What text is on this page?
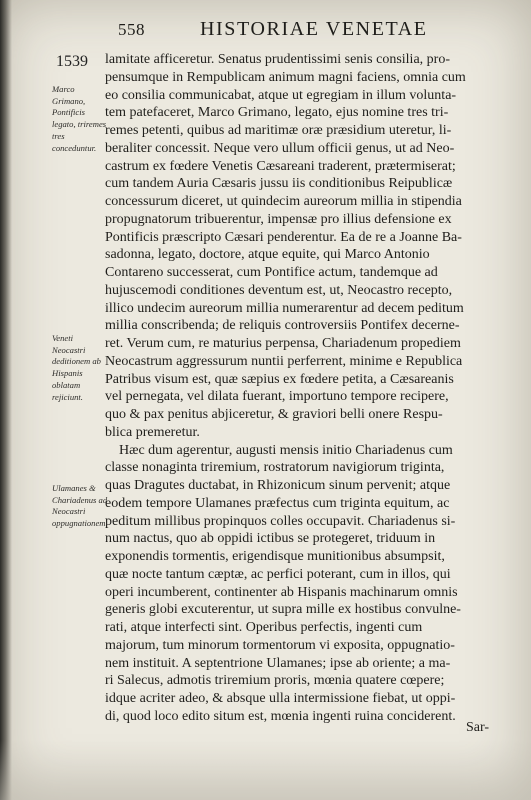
558	HISTORIAE VENETAE
1539
Marco Grimano, Pontificis legato, triremes tres conceduntur.
Veneti Neocastri deditionem ab Hispanis oblatam rejiciunt.
Ulamanes & Chariadenus ad Neocastri oppugnationem.
lamitate afficeretur. Senatus prudentissimi senis consilia, pro-
pensumque in Rempublicam animum magni faciens, omnia cum
eo consilia communicabat, atque ut egregiam in illum volunta-
tem patefaceret, Marco Grimano, legato, ejus nomine tres tri-
remes petenti, quibus ad maritimæ oræ præsidium uteretur, li-
beraliter concessit. Neque vero ullum officii genus, ut ad Neo-
castrum ex fœdere Venetis Cæsareani traderent, prætermiserat;
cum tandem Auria Cæsaris jussu iis conditionibus Reipublicæ
concessurum diceret, ut quindecim aureorum millia in stipendia
propugnatorum tribuerentur, impensæ pro illius defensione ex
Pontificis præscripto Cæsari penderentur. Ea de re a Joanne Ba-
sadonna, legato, doctore, atque equite, qui Marco Antonio
Contareno successerat, cum Pontifice actum, tandemque ad
hujuscemodi conditiones deventum est, ut, Neocastro recepto,
illico undecim aureorum millia numerarentur ad decem peditum
millia conscribenda; de reliquis controversiis Pontifex decerne-
ret. Verum cum, re maturius perpensa, Chariadenum propediem
Neocastrum aggressurum nuntii perferrent, minime e Republica
Patribus visum est, quæ sæpius ex fœdere petita, a Cæsareanis
vel pernegata, vel dilata fuerant, importuno tempore recipere,
quo & pax penitus abjiceretur, & graviori belli onere Respu-
blica premeretur.
Hæc dum agerentur, augusti mensis initio Chariadenus cum
classe nonaginta triremium, rostratorum navigiorum triginta,
quas Dragutes ductabat, in Rhizonicum sinum pervenit; atque
eodem tempore Ulamanes præfectus cum triginta equitum, ac
peditum millibus propinquos colles occupavit. Chariadenus si-
num nactus, quo ab oppidi ictibus se protegeret, triduum in
exponendis tormentis, erigendisque munitionibus absumpsit,
quæ nocte tantum cæptæ, ac perfici poterant, cum in illos, qui
operi incumberent, continenter ab Hispanis machinarum omnis
generis globi excuterentur, ut supra mille ex hostibus convulne-
rati, atque interfecti sint. Operibus perfectis, ingenti cum
majorum, tum minorum tormentorum vi exposita, oppugnatio-
nem instituit. A septentrione Ulamanes; ipse ab oriente; a ma-
ri Salecus, admotis triremium proris, mœnia quatere cœpere;
idque acriter adeo, & absque ulla intermissione fiebat, ut oppi-
di, quod loco edito situm est, mœnia ingenti ruina conciderent.
Sar-
